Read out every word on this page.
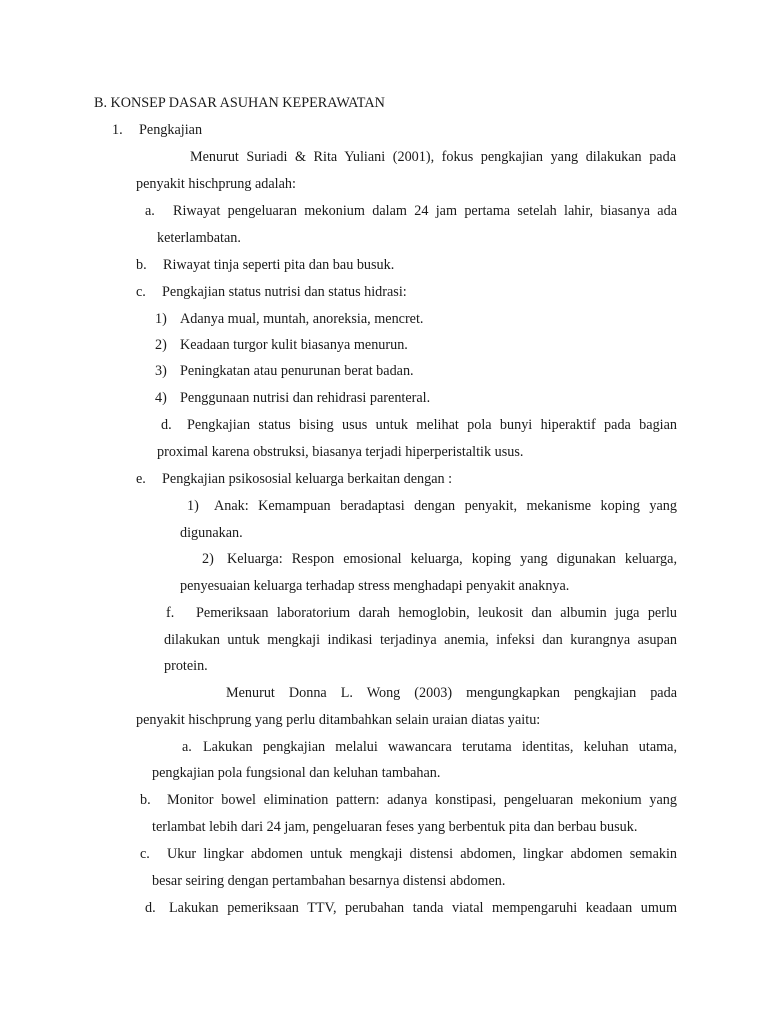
B. KONSEP DASAR ASUHAN KEPERAWATAN
1. Pengkajian
Menurut Suriadi & Rita Yuliani (2001), fokus pengkajian yang dilakukan pada
penyakit hischprung adalah:
a. Riwayat pengeluaran mekonium dalam 24 jam pertama setelah lahir, biasanya ada
keterlambatan.
b. Riwayat tinja seperti pita dan bau busuk.
c. Pengkajian status nutrisi dan status hidrasi:
1) Adanya mual, muntah, anoreksia, mencret.
2) Keadaan turgor kulit biasanya menurun.
3) Peningkatan atau penurunan berat badan.
4) Penggunaan nutrisi dan rehidrasi parenteral.
d. Pengkajian status bising usus untuk melihat pola bunyi hiperaktif pada bagian
proximal karena obstruksi, biasanya terjadi hiperperistaltik usus.
e. Pengkajian psikososial keluarga berkaitan dengan :
1) Anak: Kemampuan beradaptasi dengan penyakit, mekanisme koping yang
digunakan.
2) Keluarga: Respon emosional keluarga, koping yang digunakan keluarga,
penyesuaian keluarga terhadap stress menghadapi penyakit anaknya.
f. Pemeriksaan laboratorium darah hemoglobin, leukosit dan albumin juga perlu
dilakukan untuk mengkaji indikasi terjadinya anemia, infeksi dan kurangnya asupan
protein.
Menurut Donna L. Wong (2003) mengungkapkan pengkajian pada
penyakit hischprung yang perlu ditambahkan selain uraian diatas yaitu:
a. Lakukan pengkajian melalui wawancara terutama identitas, keluhan utama,
pengkajian pola fungsional dan keluhan tambahan.
b. Monitor bowel elimination pattern: adanya konstipasi, pengeluaran mekonium yang
terlambat lebih dari 24 jam, pengeluaran feses yang berbentuk pita dan berbau busuk.
c. Ukur lingkar abdomen untuk mengkaji distensi abdomen, lingkar abdomen semakin
besar seiring dengan pertambahan besarnya distensi abdomen.
d. Lakukan pemeriksaan TTV, perubahan tanda viatal mempengaruhi keadaan umum
